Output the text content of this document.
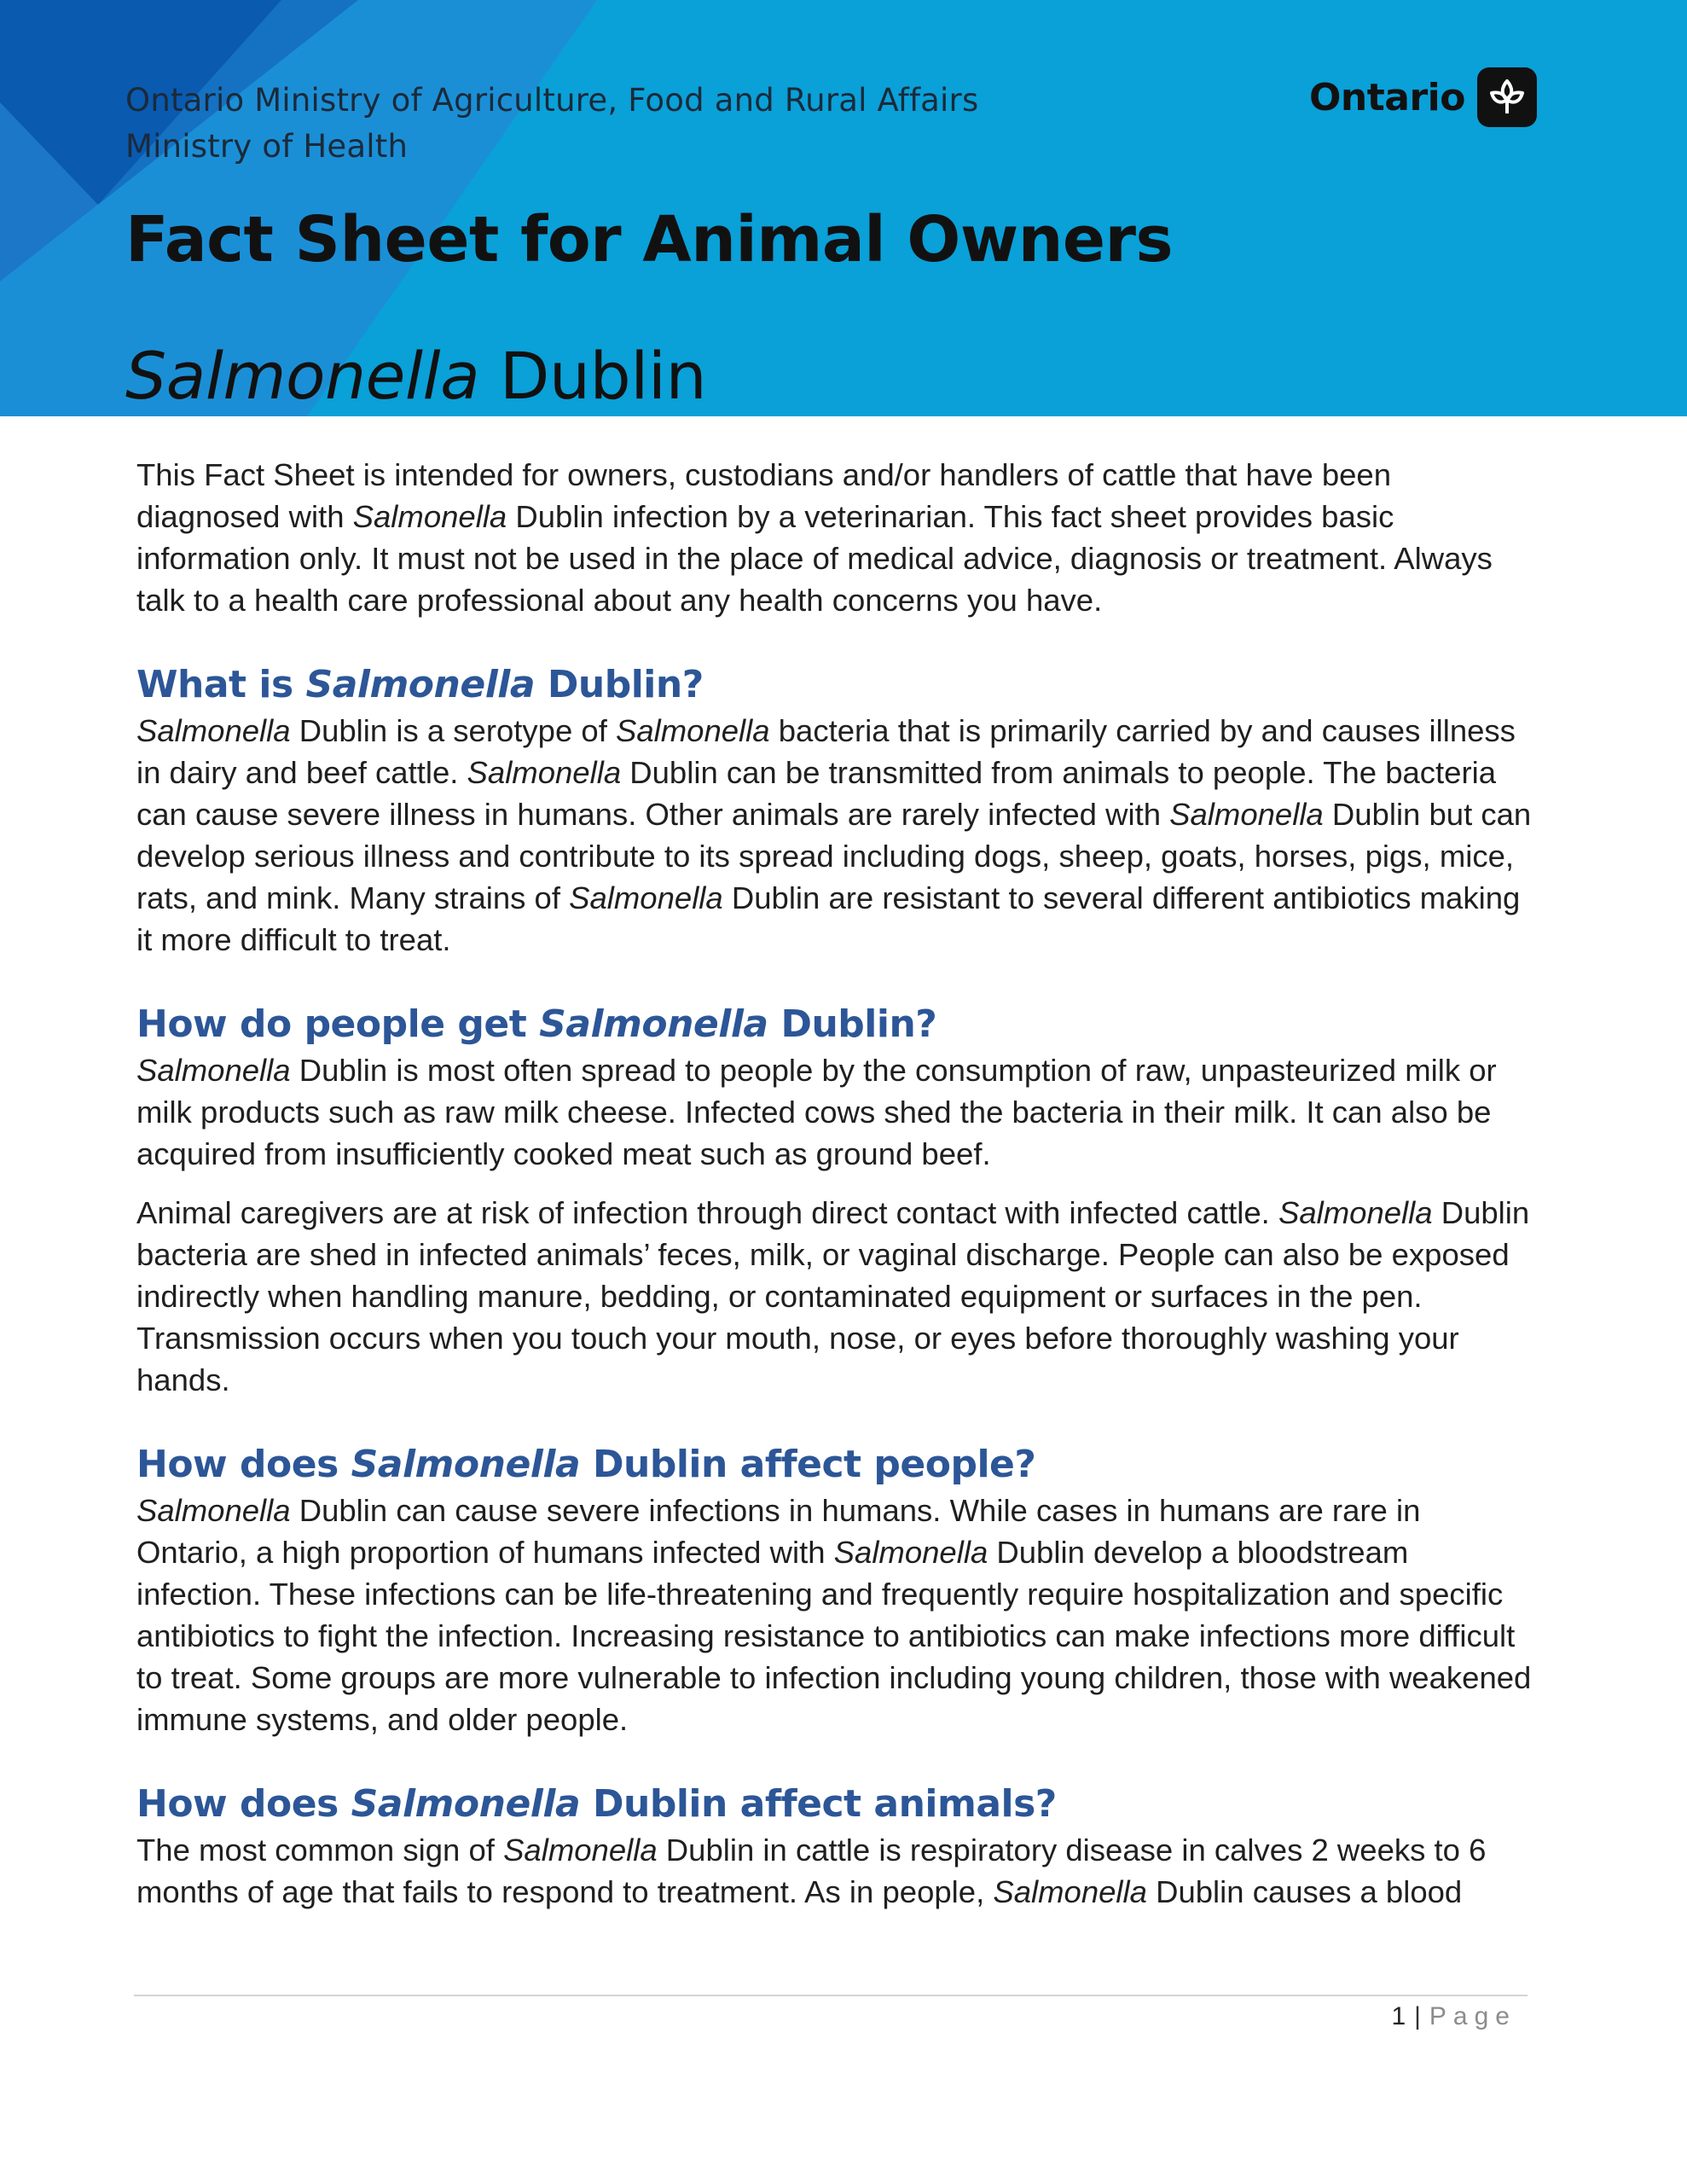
Ontario Ministry of Agriculture, Food and Rural Affairs
Ministry of Health
Ontario
Fact Sheet for Animal Owners
Salmonella Dublin

This Fact Sheet is intended for owners, custodians and/or handlers of cattle that have been diagnosed with Salmonella Dublin infection by a veterinarian. This fact sheet provides basic information only. It must not be used in the place of medical advice, diagnosis or treatment. Always talk to a health care professional about any health concerns you have.

What is Salmonella Dublin?

Salmonella Dublin is a serotype of Salmonella bacteria that is primarily carried by and causes illness in dairy and beef cattle. Salmonella Dublin can be transmitted from animals to people. The bacteria can cause severe illness in humans. Other animals are rarely infected with Salmonella Dublin but can develop serious illness and contribute to its spread including dogs, sheep, goats, horses, pigs, mice, rats, and mink. Many strains of Salmonella Dublin are resistant to several different antibiotics making it more difficult to treat.

How do people get Salmonella Dublin?

Salmonella Dublin is most often spread to people by the consumption of raw, unpasteurized milk or milk products such as raw milk cheese. Infected cows shed the bacteria in their milk. It can also be acquired from insufficiently cooked meat such as ground beef.

Animal caregivers are at risk of infection through direct contact with infected cattle. Salmonella Dublin bacteria are shed in infected animals’ feces, milk, or vaginal discharge. People can also be exposed indirectly when handling manure, bedding, or contaminated equipment or surfaces in the pen. Transmission occurs when you touch your mouth, nose, or eyes before thoroughly washing your hands.

How does Salmonella Dublin affect people?

Salmonella Dublin can cause severe infections in humans. While cases in humans are rare in Ontario, a high proportion of humans infected with Salmonella Dublin develop a bloodstream infection. These infections can be life-threatening and frequently require hospitalization and specific antibiotics to fight the infection. Increasing resistance to antibiotics can make infections more difficult to treat. Some groups are more vulnerable to infection including young children, those with weakened immune systems, and older people.

How does Salmonella Dublin affect animals?

The most common sign of Salmonella Dublin in cattle is respiratory disease in calves 2 weeks to 6 months of age that fails to respond to treatment. As in people, Salmonella Dublin causes a blood

1 | Page
